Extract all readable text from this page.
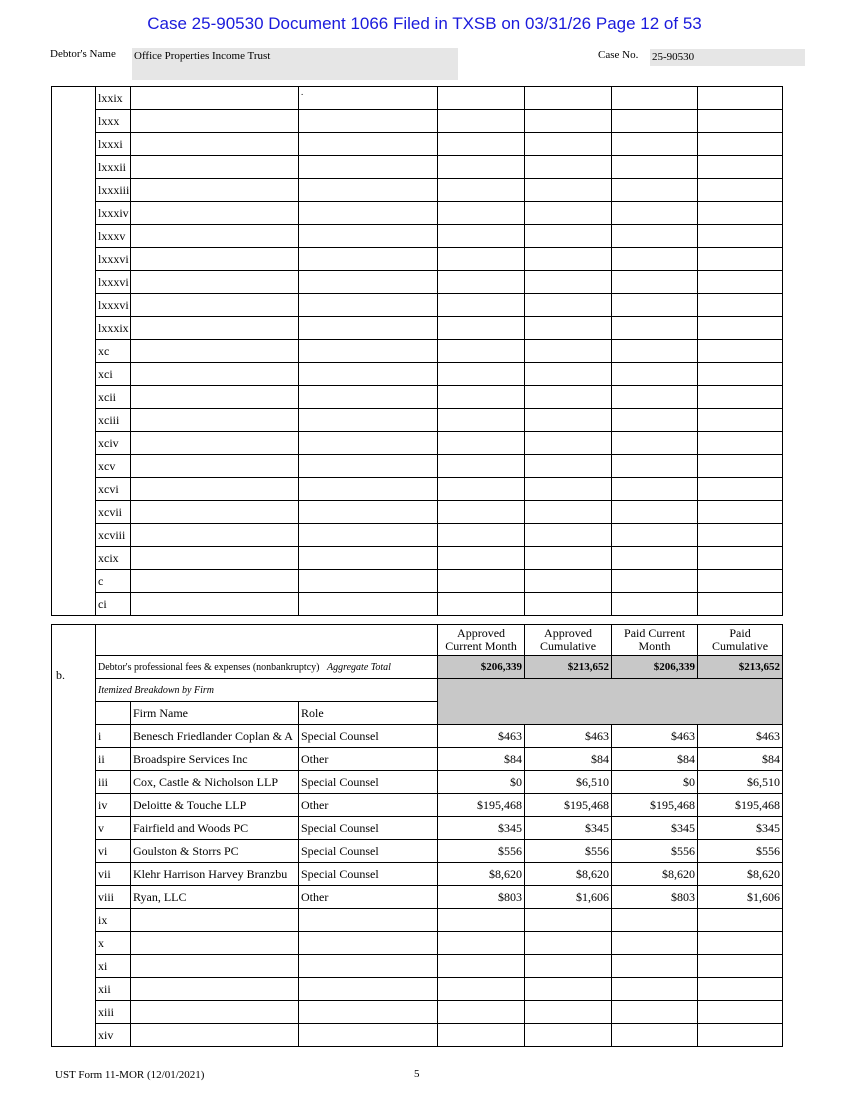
Case 25-90530 Document 1066 Filed in TXSB on 03/31/26 Page 12 of 53
Debtor's Name Office Properties Income Trust	Case No. 25-90530
	lxxix		.				
	lxxx						
	lxxxi						
	lxxxii						
	lxxxiii						
	lxxxiv						
	lxxxv						
	lxxxvi						
	lxxxvi						
	lxxxvi						
	lxxxix						
	xc						
	xci						
	xcii						
	xciii						
	xciv						
	xcv						
	xcvi						
	xcvii						
	xcviii						
	xcix						
	c						
	ci						
b.				Approved Current Month	Approved Cumulative	Paid Current Month	Paid Cumulative
	Debtor's professional fees & expenses (nonbankruptcy) Aggregate Total			$206,339	$213,652	$206,339	$213,652
	Itemized Breakdown by Firm						
		Firm Name	Role				
	i	Benesch Friedlander Coplan & A	Special Counsel	$463	$463	$463	$463
	ii	Broadspire Services Inc	Other	$84	$84	$84	$84
	iii	Cox, Castle & Nicholson LLP	Special Counsel	$0	$6,510	$0	$6,510
	iv	Deloitte & Touche LLP	Other	$195,468	$195,468	$195,468	$195,468
	v	Fairfield and Woods PC	Special Counsel	$345	$345	$345	$345
	vi	Goulston & Storrs PC	Special Counsel	$556	$556	$556	$556
	vii	Klehr Harrison Harvey Branzbu	Special Counsel	$8,620	$8,620	$8,620	$8,620
	viii	Ryan, LLC	Other	$803	$1,606	$803	$1,606
	ix						
	x						
	xi						
	xii						
	xiii						
	xiv						
UST Form 11-MOR (12/01/2021)	5
